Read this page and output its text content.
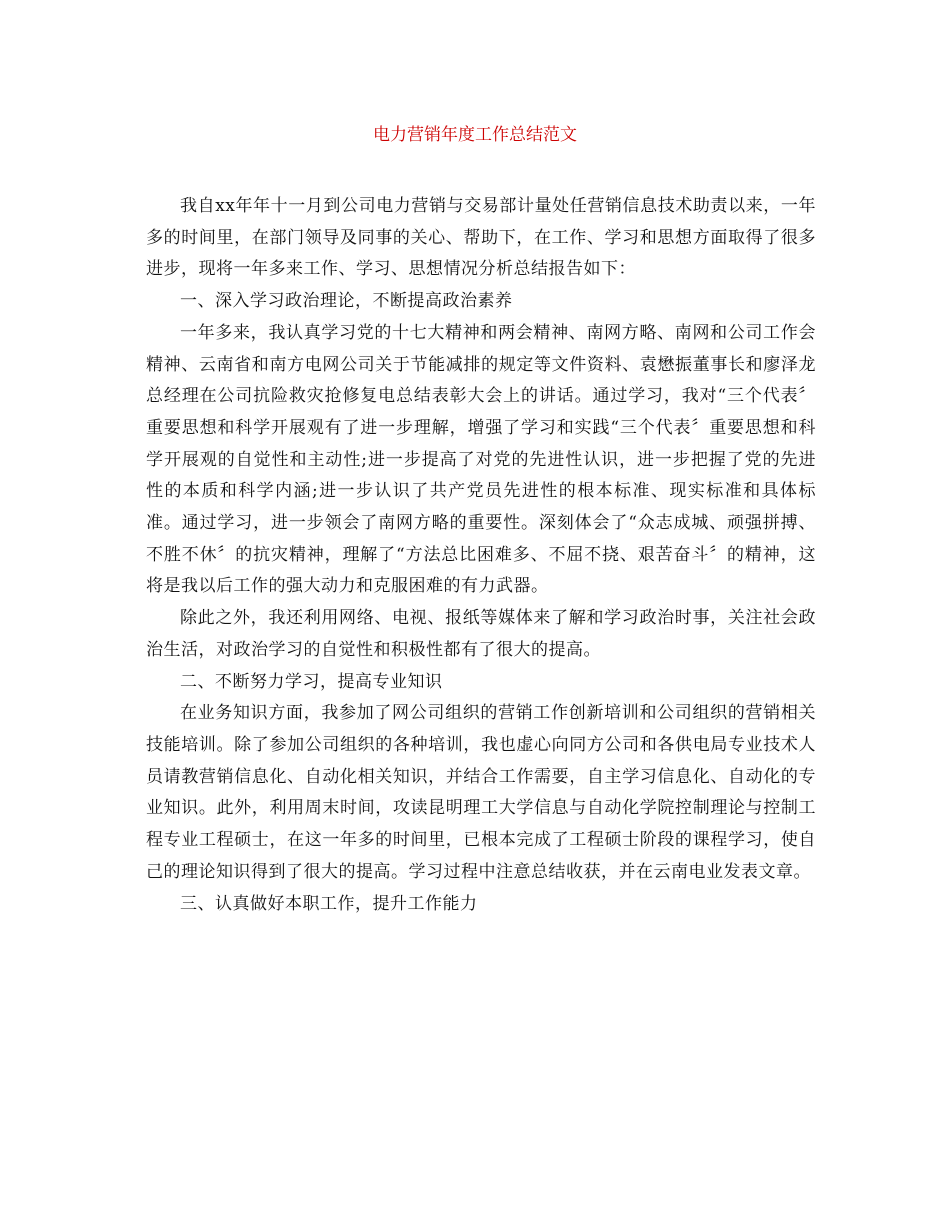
电力营销年度工作总结范文

我自xx年年十一月到公司电力营销与交易部计量处任营销信息技术助责以来，一年多的时间里，在部门领导及同事的关心、帮助下，在工作、学习和思想方面取得了很多进步，现将一年多来工作、学习、思想情况分析总结报告如下：

一、深入学习政治理论，不断提高政治素养

一年多来，我认真学习党的十七大精神和两会精神、南网方略、南网和公司工作会精神、云南省和南方电网公司关于节能减排的规定等文件资料、袁懋振董事长和廖泽龙总经理在公司抗险救灾抢修复电总结表彰大会上的讲话。通过学习，我对“三个代表〞重要思想和科学开展观有了进一步理解，增强了学习和实践“三个代表〞重要思想和科学开展观的自觉性和主动性;进一步提高了对党的先进性认识，进一步把握了党的先进性的本质和科学内涵;进一步认识了共产党员先进性的根本标准、现实标准和具体标准。通过学习，进一步领会了南网方略的重要性。深刻体会了“众志成城、顽强拼搏、不胜不休〞的抗灾精神，理解了“方法总比困难多、不屈不挠、艰苦奋斗〞的精神，这将是我以后工作的强大动力和克服困难的有力武器。

除此之外，我还利用网络、电视、报纸等媒体来了解和学习政治时事，关注社会政治生活，对政治学习的自觉性和积极性都有了很大的提高。

二、不断努力学习，提高专业知识

在业务知识方面，我参加了网公司组织的营销工作创新培训和公司组织的营销相关技能培训。除了参加公司组织的各种培训，我也虚心向同方公司和各供电局专业技术人员请教营销信息化、自动化相关知识，并结合工作需要，自主学习信息化、自动化的专业知识。此外，利用周末时间，攻读昆明理工大学信息与自动化学院控制理论与控制工程专业工程硕士，在这一年多的时间里，已根本完成了工程硕士阶段的课程学习，使自己的理论知识得到了很大的提高。学习过程中注意总结收获，并在云南电业发表文章。

三、认真做好本职工作，提升工作能力
